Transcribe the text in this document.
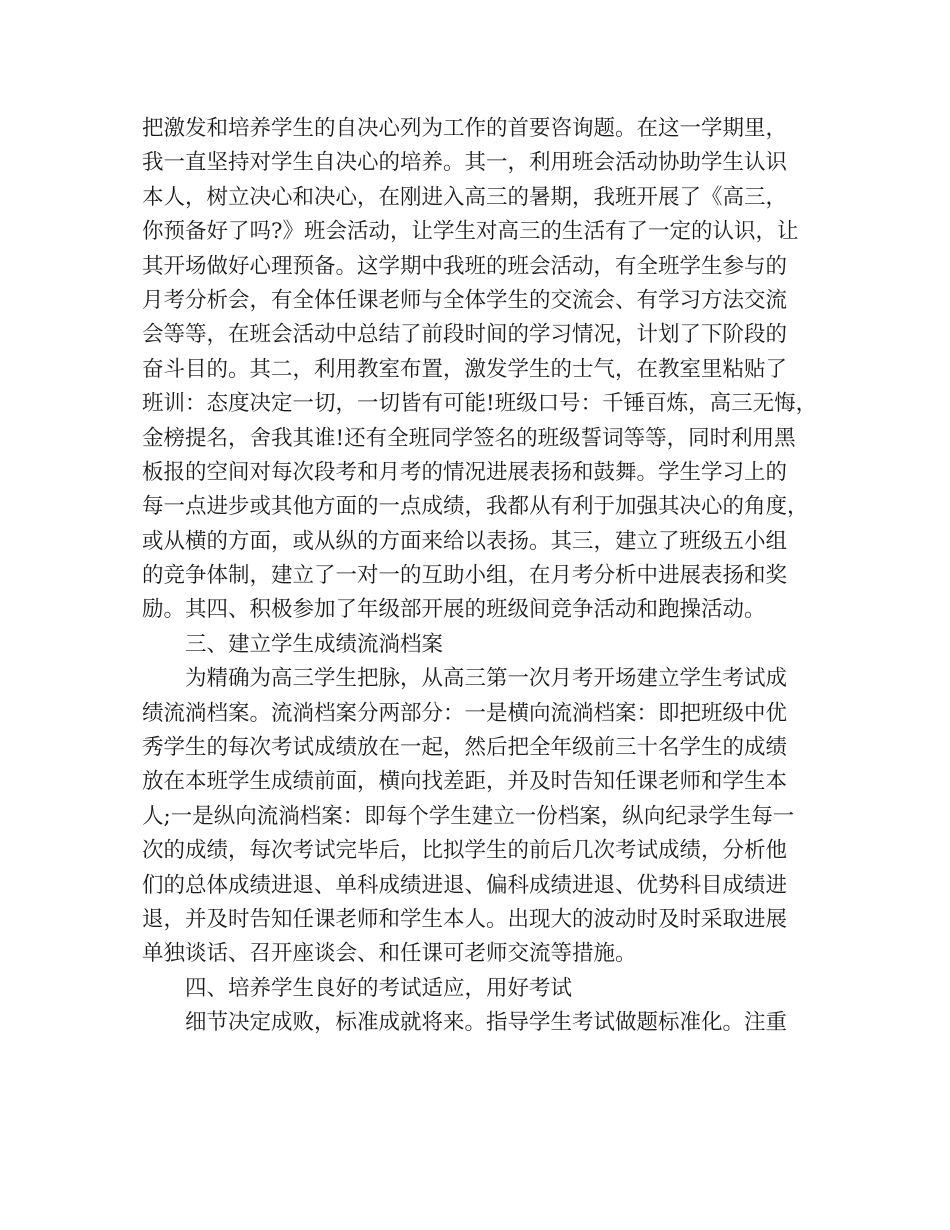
把激发和培养学生的自决心列为工作的首要咨询题。在这一学期里，
我一直坚持对学生自决心的培养。其一，利用班会活动协助学生认识
本人，树立决心和决心，在刚进入高三的暑期，我班开展了《高三，
你预备好了吗?》班会活动，让学生对高三的生活有了一定的认识，让
其开场做好心理预备。这学期中我班的班会活动，有全班学生参与的
月考分析会，有全体任课老师与全体学生的交流会、有学习方法交流
会等等，在班会活动中总结了前段时间的学习情况，计划了下阶段的
奋斗目的。其二，利用教室布置，激发学生的士气，在教室里粘贴了
班训：态度决定一切，一切皆有可能!班级口号：千锤百炼，高三无悔，
金榜提名，舍我其谁!还有全班同学签名的班级誓词等等，同时利用黑
板报的空间对每次段考和月考的情况进展表扬和鼓舞。学生学习上的
每一点进步或其他方面的一点成绩，我都从有利于加强其决心的角度，
或从横的方面，或从纵的方面来给以表扬。其三，建立了班级五小组
的竞争体制，建立了一对一的互助小组，在月考分析中进展表扬和奖
励。其四、积极参加了年级部开展的班级间竞争活动和跑操活动。
三、建立学生成绩流淌档案
为精确为高三学生把脉，从高三第一次月考开场建立学生考试成
绩流淌档案。流淌档案分两部分：一是横向流淌档案：即把班级中优
秀学生的每次考试成绩放在一起，然后把全年级前三十名学生的成绩
放在本班学生成绩前面，横向找差距，并及时告知任课老师和学生本
人;一是纵向流淌档案：即每个学生建立一份档案，纵向纪录学生每一
次的成绩，每次考试完毕后，比拟学生的前后几次考试成绩，分析他
们的总体成绩进退、单科成绩进退、偏科成绩进退、优势科目成绩进
退，并及时告知任课老师和学生本人。出现大的波动时及时采取进展
单独谈话、召开座谈会、和任课可老师交流等措施。
四、培养学生良好的考试适应，用好考试
细节决定成败，标准成就将来。指导学生考试做题标准化。注重
